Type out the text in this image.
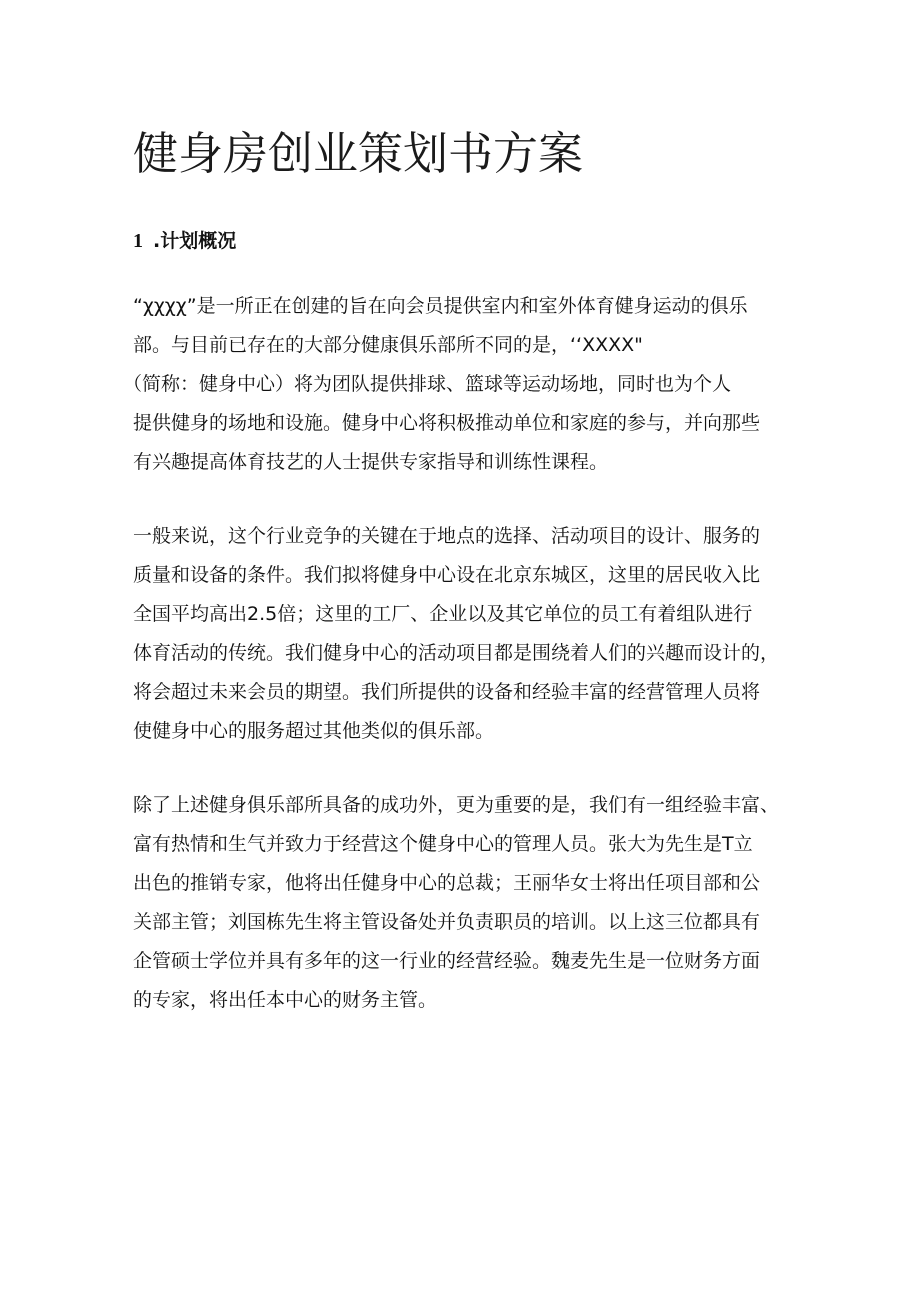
健身房创业策划书方案
1 .计划概况

“χχχχ”是一所正在创建的旨在向会员提供室内和室外体育健身运动的俱乐
部。与目前已存在的大部分健康俱乐部所不同的是，‘‘XXXX"
（简称：健身中心）将为团队提供排球、篮球等运动场地，同时也为个人
提供健身的场地和设施。健身中心将积极推动单位和家庭的参与，并向那些
有兴趣提高体育技艺的人士提供专家指导和训练性课程。

一般来说，这个行业竞争的关键在于地点的选择、活动项目的设计、服务的
质量和设备的条件。我们拟将健身中心设在北京东城区，这里的居民收入比
全国平均高出2.5倍；这里的工厂、企业以及其它单位的员工有着组队进行
体育活动的传统。我们健身中心的活动项目都是围绕着人们的兴趣而设计的，
将会超过未来会员的期望。我们所提供的设备和经验丰富的经营管理人员将
使健身中心的服务超过其他类似的俱乐部。

除了上述健身俱乐部所具备的成功外，更为重要的是，我们有一组经验丰富、
富有热情和生气并致力于经营这个健身中心的管理人员。张大为先生是T立
出色的推销专家，他将出任健身中心的总裁；王丽华女士将出任项目部和公
关部主管；刘国栋先生将主管设备处并负责职员的培训。以上这三位都具有
企管硕士学位并具有多年的这一行业的经营经验。魏麦先生是一位财务方面
的专家，将出任本中心的财务主管。
